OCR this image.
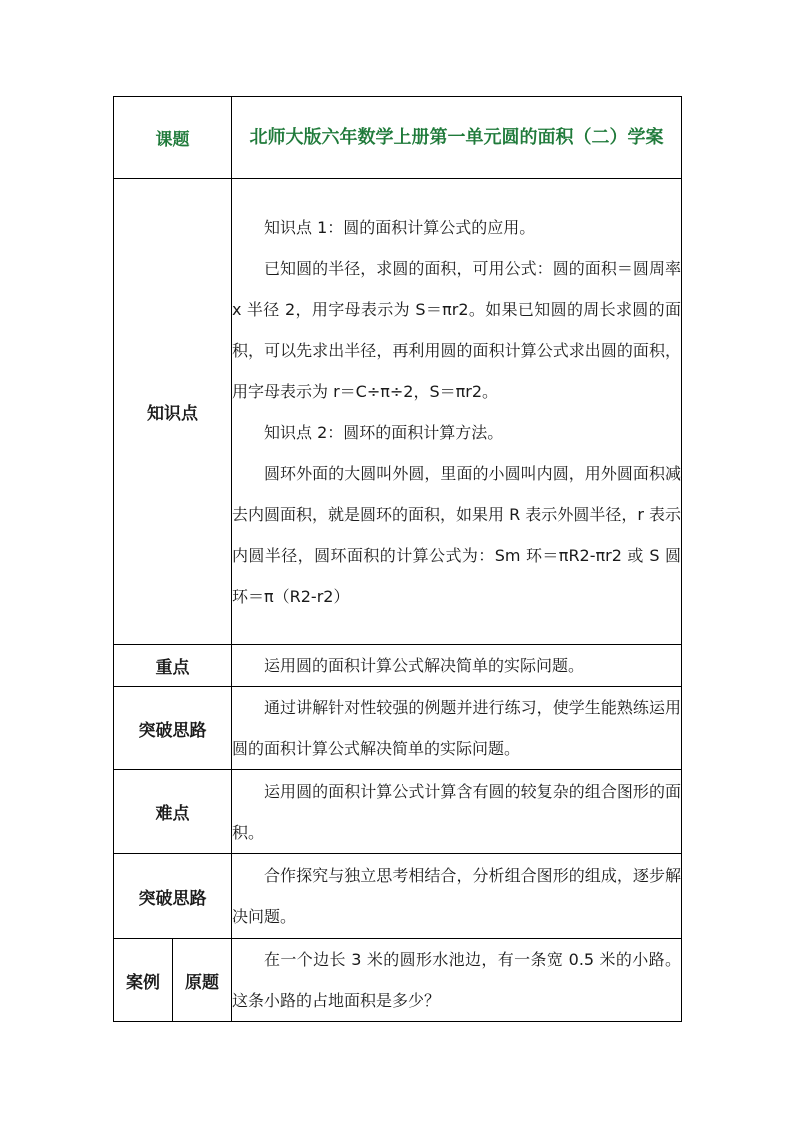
课题		北师大版六年数学上册第一单元圆的面积（二）学案
知识点		知识点 1：圆的面积计算公式的应用。

已知圆的半径，求圆的面积，可用公式：圆的面积＝圆周率 x 半径 2，用字母表示为 S＝πr2。如果已知圆的周长求圆的面积，可以先求出半径，再利用圆的面积计算公式求出圆的面积，用字母表示为 r＝C÷π÷2，S＝πr2。

知识点 2：圆环的面积计算方法。

圆环外面的大圆叫外圆，里面的小圆叫内圆，用外圆面积减去内圆面积，就是圆环的面积，如果用 R 表示外圆半径，r 表示内圆半径，圆环面积的计算公式为：Sm 环＝πR2-πr2 或 S 圆环＝π（R2-r2）

重点		运用圆的面积计算公式解决简单的实际问题。

突破思路		通过讲解针对性较强的例题并进行练习，使学生能熟练运用圆的面积计算公式解决简单的实际问题。

难点		运用圆的面积计算公式计算含有圆的较复杂的组合图形的面积。

突破思路		合作探究与独立思考相结合，分析组合图形的组成，逐步解决问题。

案例	原题	在一个边长 3 米的圆形水池边，有一条宽 0.5 米的小路。这条小路的占地面积是多少？
